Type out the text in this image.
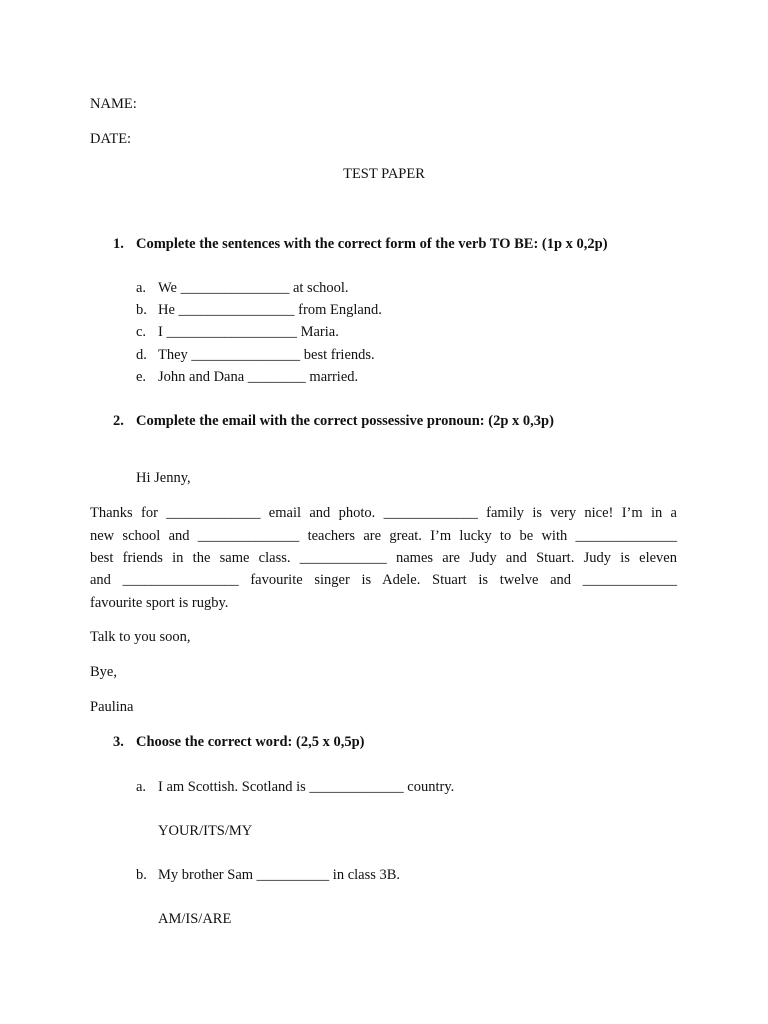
NAME:
DATE:
TEST PAPER
1. Complete the sentences with the correct form of the verb TO BE: (1p x 0,2p)
a. We _______________ at school.
b. He ________________ from England.
c. I __________________ Maria.
d. They _______________ best friends.
e. John and Dana ________ married.
2. Complete the email with the correct possessive pronoun: (2p x 0,3p)
Hi Jenny,
Thanks for _____________ email and photo. _____________ family is very nice! I’m in a
new school and ______________ teachers are great. I’m lucky to be with ______________
best friends in the same class. ____________ names are Judy and Stuart. Judy is eleven
and ________________ favourite singer is Adele. Stuart is twelve and _____________
favourite sport is rugby.
Talk to you soon,
Bye,
Paulina
3. Choose the correct word: (2,5 x 0,5p)
a. I am Scottish. Scotland is _____________ country.
YOUR/ITS/MY
b. My brother Sam __________ in class 3B.
AM/IS/ARE
